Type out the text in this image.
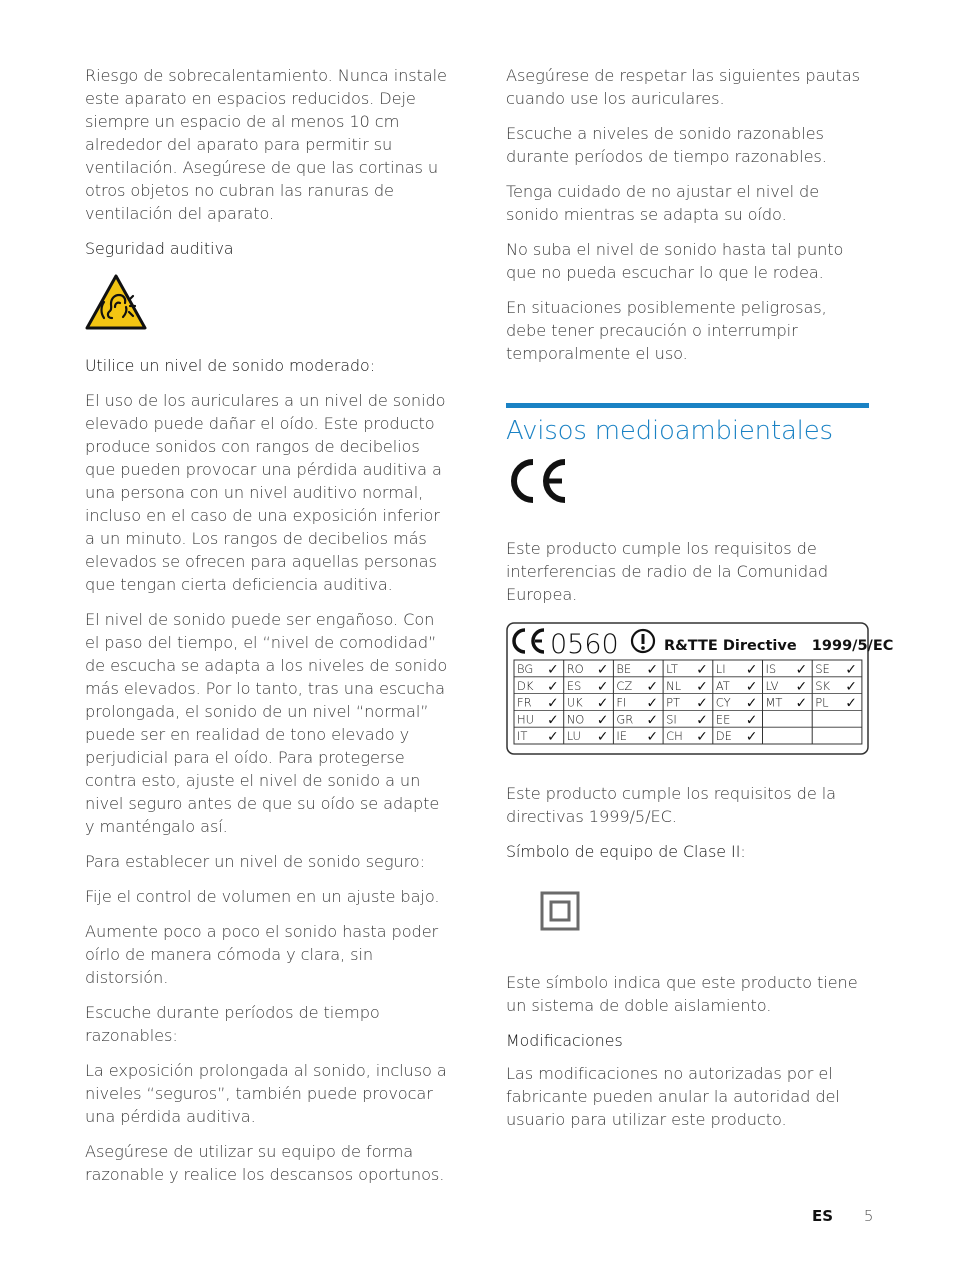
Riesgo de sobrecalentamiento. Nunca instale este aparato en espacios reducidos. Deje siempre un espacio de al menos 10 cm alrededor del aparato para permitir su ventilación. Asegúrese de que las cortinas u otros objetos no cubran las ranuras de ventilación del aparato.

Seguridad auditiva
Utilice un nivel de sonido moderado:

El uso de los auriculares a un nivel de sonido elevado puede dañar el oído. Este producto produce sonidos con rangos de decibelios que pueden provocar una pérdida auditiva a una persona con un nivel auditivo normal, incluso en el caso de una exposición inferior a un minuto. Los rangos de decibelios más elevados se ofrecen para aquellas personas que tengan cierta deficiencia auditiva.

El nivel de sonido puede ser engañoso. Con el paso del tiempo, el “nivel de comodidad” de escucha se adapta a los niveles de sonido más elevados. Por lo tanto, tras una escucha prolongada, el sonido de un nivel “normal” puede ser en realidad de tono elevado y perjudicial para el oído. Para protegerse contra esto, ajuste el nivel de sonido a un nivel seguro antes de que su oído se adapte y manténgalo así.

Para establecer un nivel de sonido seguro:

Fije el control de volumen en un ajuste bajo.

Aumente poco a poco el sonido hasta poder oírlo de manera cómoda y clara, sin distorsión.

Escuche durante períodos de tiempo razonables:

La exposición prolongada al sonido, incluso a niveles “seguros”, también puede provocar una pérdida auditiva.

Asegúrese de utilizar su equipo de forma razonable y realice los descansos oportunos.

Asegúrese de respetar las siguientes pautas cuando use los auriculares.

Escuche a niveles de sonido razonables durante períodos de tiempo razonables.

Tenga cuidado de no ajustar el nivel de sonido mientras se adapta su oído.

No suba el nivel de sonido hasta tal punto que no pueda escuchar lo que le rodea.

En situaciones posiblemente peligrosas, debe tener precaución o interrumpir temporalmente el uso.

Avisos medioambientales

Este producto cumple los requisitos de interferencias de radio de la Comunidad Europea.

0560	R&TTE Directive   1999/5/EC
BG ✓ RO ✓ BE ✓ LT ✓ LI ✓ IS ✓ SE ✓
DK ✓ ES ✓ CZ ✓ NL ✓ AT ✓ LV ✓ SK ✓
FR ✓ UK ✓ FI ✓ PT ✓ CY ✓ MT ✓ PL ✓
HU ✓ NO ✓ GR ✓ SI ✓ EE ✓
IT ✓ LU ✓ IE ✓ CH ✓ DE ✓

Este producto cumple los requisitos de la directivas 1999/5/EC.

Símbolo de equipo de Clase II:

Este símbolo indica que este producto tiene un sistema de doble aislamiento.

Modificaciones

Las modificaciones no autorizadas por el fabricante pueden anular la autoridad del usuario para utilizar este producto.

ES 5
